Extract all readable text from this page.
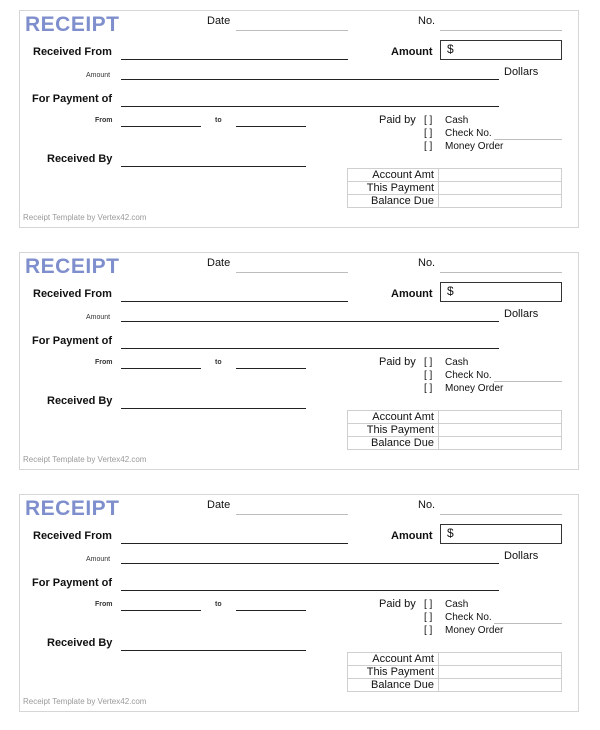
RECEIPT	Date	No.
Received From	Amount	$
Amount	Dollars
For Payment of
From	to	Paid by [ ] Cash
[ ] Check No.
[ ] Money Order
Received By
Account Amt	
This Payment	
Balance Due	
Receipt Template by Vertex42.com
RECEIPT	Date	No.
Received From	Amount	$
Amount	Dollars
For Payment of
From	to	Paid by [ ] Cash
[ ] Check No.
[ ] Money Order
Received By
Account Amt	
This Payment	
Balance Due	
Receipt Template by Vertex42.com
RECEIPT	Date	No.
Received From	Amount	$
Amount	Dollars
For Payment of
From	to	Paid by [ ] Cash
[ ] Check No.
[ ] Money Order
Received By
Account Amt	
This Payment	
Balance Due	
Receipt Template by Vertex42.com
